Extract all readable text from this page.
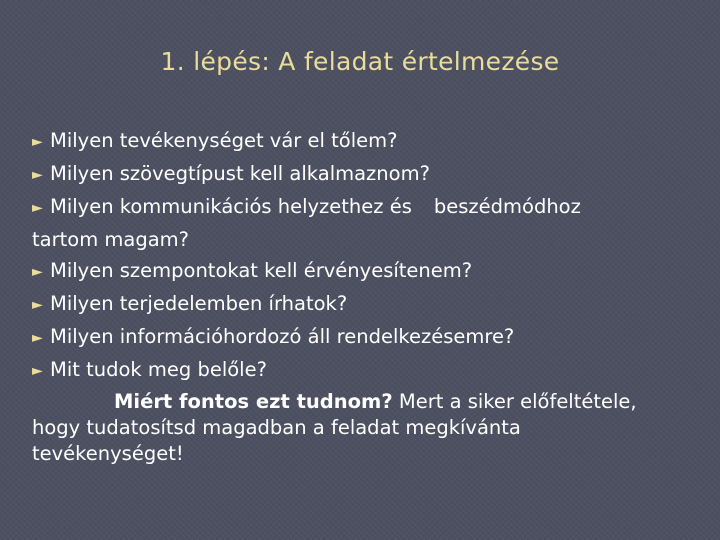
1. lépés: A feladat értelmezése
► Milyen tevékenységet vár el tőlem?
► Milyen szövegtípust kell alkalmaznom?
► Milyen kommunikációs helyzethez és beszédmódhoz
tartom magam?
► Milyen szempontokat kell érvényesítenem?
► Milyen terjedelemben írhatok?
► Milyen információhordozó áll rendelkezésemre?
► Mit tudok meg belőle?
Miért fontos ezt tudnom? Mert a siker előfeltétele,
hogy tudatosítsd magadban a feladat megkívánta
tevékenységet!
